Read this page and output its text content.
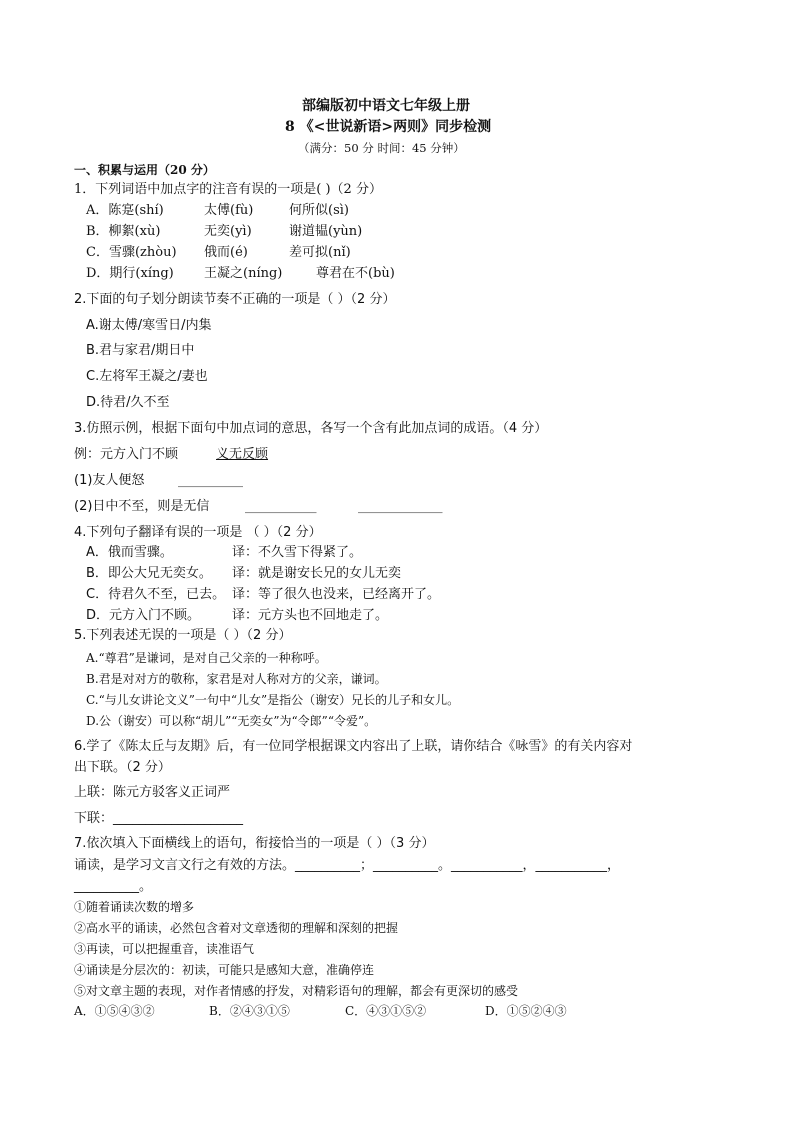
部编版初中语文七年级上册
8 《<世说新语>两则》同步检测
（满分：50 分 时间：45 分钟）
一、积累与运用（20 分）
1．下列词语中加点字的注音有误的一项是( )（2 分）
A．陈寔(shí)	太傅(fù)	何所似(sì)
B．柳絮(xù)	无奕(yì)	谢道韫(yùn)
C．雪骤(zhòu) 俄而(é)	差可拟(nǐ)
D．期行(xíng) 王凝之(níng)	尊君在不(bù)
2.下面的句子划分朗读节奏不正确的一项是（ ）（2 分）
A.谢太傅/寒雪日/内集
B.君与家君/期日中
C.左将军王凝之/妻也
D.待君/久不至
3.仿照示例，根据下面句中加点词的意思，各写一个含有此加点词的成语。（4 分）
例：元方入门不顾	义无反顾
(1)友人便怒	__________
(2)日中不至，则是无信	___________	_____________
4.下列句子翻译有误的一项是 （ ）（2 分）
A．俄而雪骤。	译：不久雪下得紧了。
B．即公大兄无奕女。 译：就是谢安长兄的女儿无奕
C．待君久不至，已去。 译：等了很久也没来，已经离开了。
D．元方入门不顾。 译：元方头也不回地走了。
5.下列表述无误的一项是（ ）（2 分）
A.“尊君”是谦词，是对自己父亲的一种称呼。
B.君是对对方的敬称，家君是对人称对方的父亲，谦词。
C.“与儿女讲论文义”一句中“儿女”是指公（谢安）兄长的儿子和女儿。
D.公（谢安）可以称“胡儿”“无奕女”为“令郎”“令爱”。
6.学了《陈太丘与友期》后，有一位同学根据课文内容出了上联，请你结合《咏雪》的有关内容对
出下联。（2 分）
上联：陈元方驳客义正词严
下联：____________________
7.依次填入下面横线上的语句，衔接恰当的一项是（ ）（3 分）
诵读，是学习文言文行之有效的方法。__________；__________。___________，___________，
__________。
①随着诵读次数的增多
②高水平的诵读，必然包含着对文章透彻的理解和深刻的把握
③再读，可以把握重音，读准语气
④诵读是分层次的：初读，可能只是感知大意，准确停连
⑤对文章主题的表现，对作者情感的抒发，对精彩语句的理解，都会有更深切的感受
A．①⑤④③②	B．②④③①⑤	C．④③①⑤②	D．①⑤②④③
